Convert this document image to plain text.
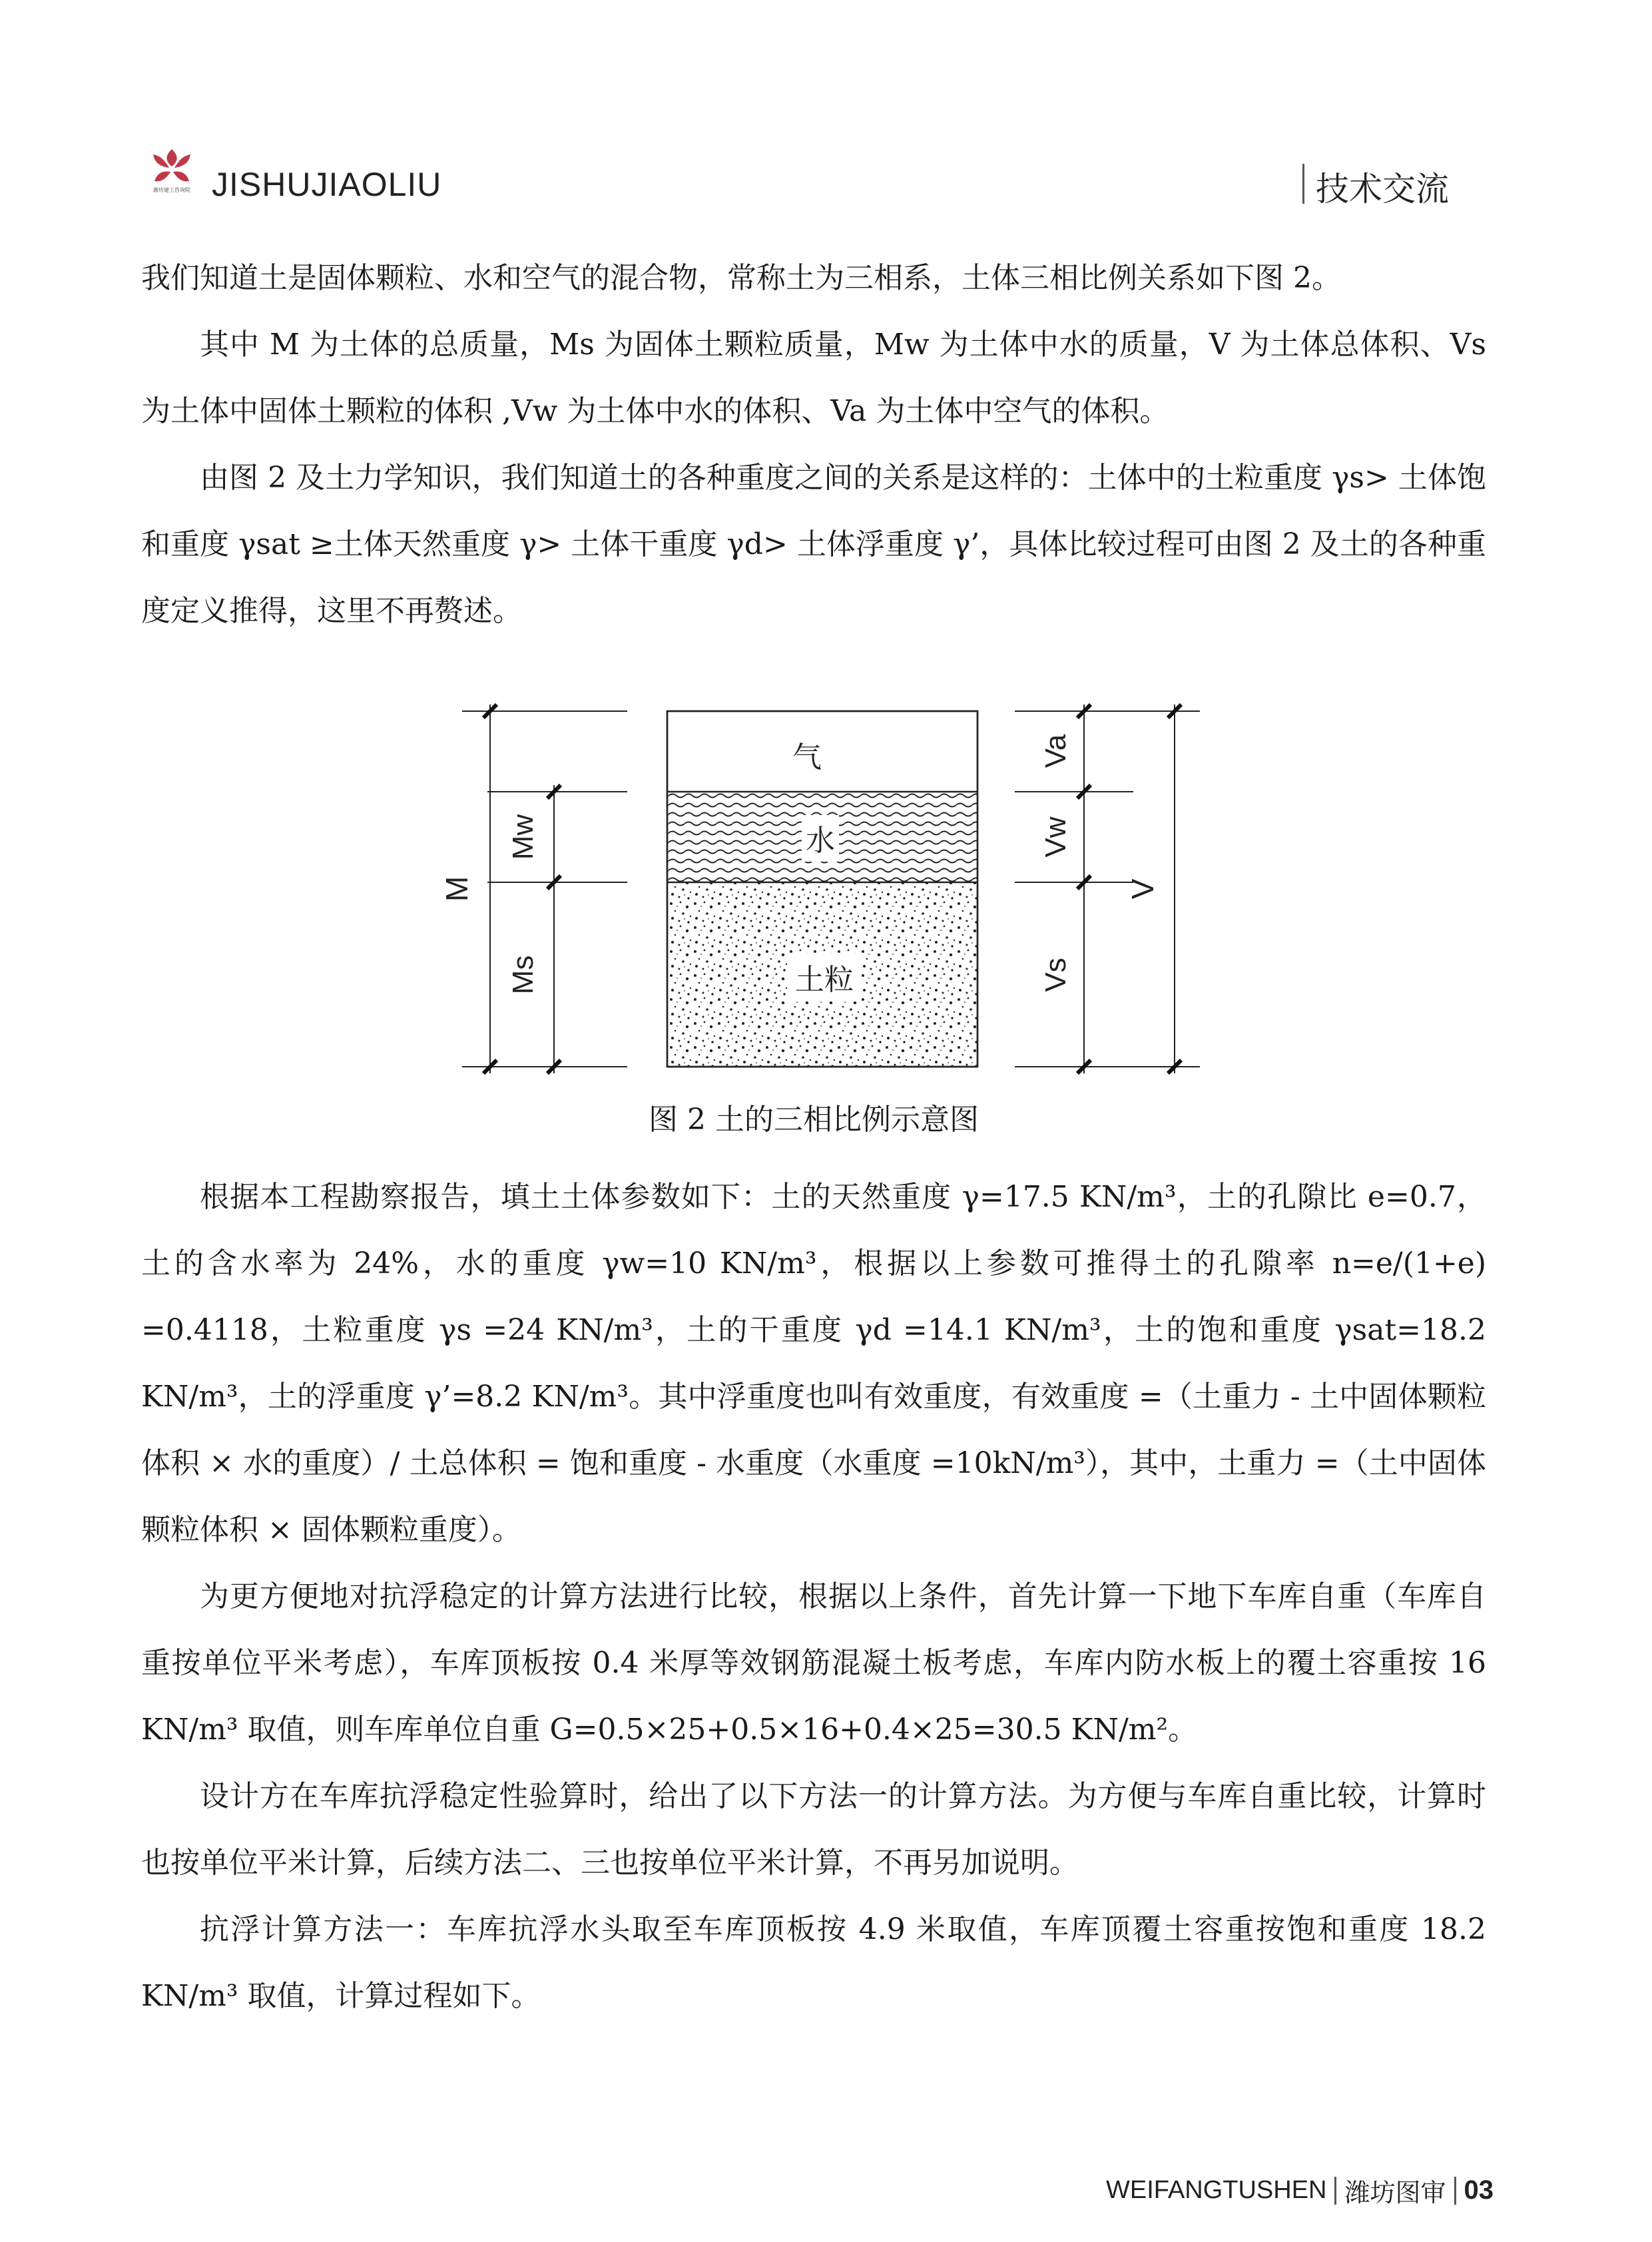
潍坊建工咨询院 JISHUJIAOLIU	技术交流

我们知道土是固体颗粒、水和空气的混合物，常称土为三相系，土体三相比例关系如下图 2。

其中 M 为土体的总质量，Ms 为固体土颗粒质量，Mw 为土体中水的质量，V 为土体总体积、Vs 为土体中固体土颗粒的体积 ,Vw 为土体中水的体积、Va 为土体中空气的体积。

由图 2 及土力学知识，我们知道土的各种重度之间的关系是这样的：土体中的土粒重度 γs> 土体饱和重度 γsat ≥土体天然重度 γ> 土体干重度 γd> 土体浮重度 γ’，具体比较过程可由图 2 及土的各种重度定义推得，这里不再赘述。

气
水
土粒
M
Mw
Ms
Va
Vw
Vs
V

图 2 土的三相比例示意图

根据本工程勘察报告，填土土体参数如下：土的天然重度 γ=17.5 KN/m³，土的孔隙比 e=0.7，土的含水率为 24%，水的重度 γw=10 KN/m³，根据以上参数可推得土的孔隙率 n=e/(1+e) =0.4118，土粒重度 γs =24 KN/m³，土的干重度 γd =14.1 KN/m³，土的饱和重度 γsat=18.2 KN/m³，土的浮重度 γ’=8.2 KN/m³。其中浮重度也叫有效重度，有效重度 =（土重力 - 土中固体颗粒体积 × 水的重度）/ 土总体积 = 饱和重度 - 水重度（水重度 =10kN/m³），其中，土重力 =（土中固体颗粒体积 × 固体颗粒重度）。

为更方便地对抗浮稳定的计算方法进行比较，根据以上条件，首先计算一下地下车库自重（车库自重按单位平米考虑），车库顶板按 0.4 米厚等效钢筋混凝土板考虑，车库内防水板上的覆土容重按 16 KN/m³ 取值，则车库单位自重 G=0.5×25+0.5×16+0.4×25=30.5 KN/m²。

设计方在车库抗浮稳定性验算时，给出了以下方法一的计算方法。为方便与车库自重比较，计算时也按单位平米计算，后续方法二、三也按单位平米计算，不再另加说明。

抗浮计算方法一：车库抗浮水头取至车库顶板按 4.9 米取值，车库顶覆土容重按饱和重度 18.2 KN/m³ 取值，计算过程如下。

WEIFANGTUSHEN 潍坊图审 03
